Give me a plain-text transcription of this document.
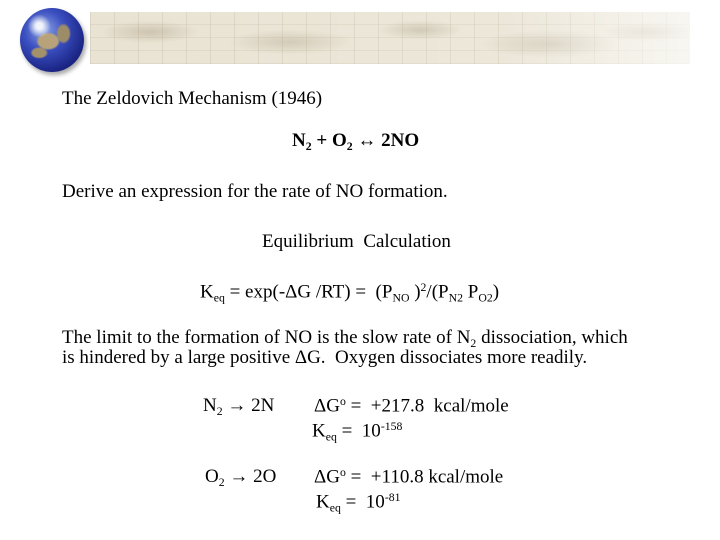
The Zeldovich Mechanism (1946)
$N_2 + O_2$ ↔ 2NO
Derive an expression for the rate of NO formation.
Equilibrium  Calculation
$K_{eq} = \exp(-\Delta G$ $/RT) = (P_{NO}$ )$^2/(P_{N2}$ $P_{O2}$)
The limit to the formation of NO is the slow rate of $N_2$ dissociation, which
is hindered by a large positive ΔG.  Oxygen dissociates more readily.
$N_2 \to 2N$ $\Delta G^o = +217.8$  kcal/mole
$K_{eq} = 10^{-158}$
$O_2 \to 2O$ $\Delta G^o = +110.8$ kcal/mole
$K_{eq} = 10^{-81}$
